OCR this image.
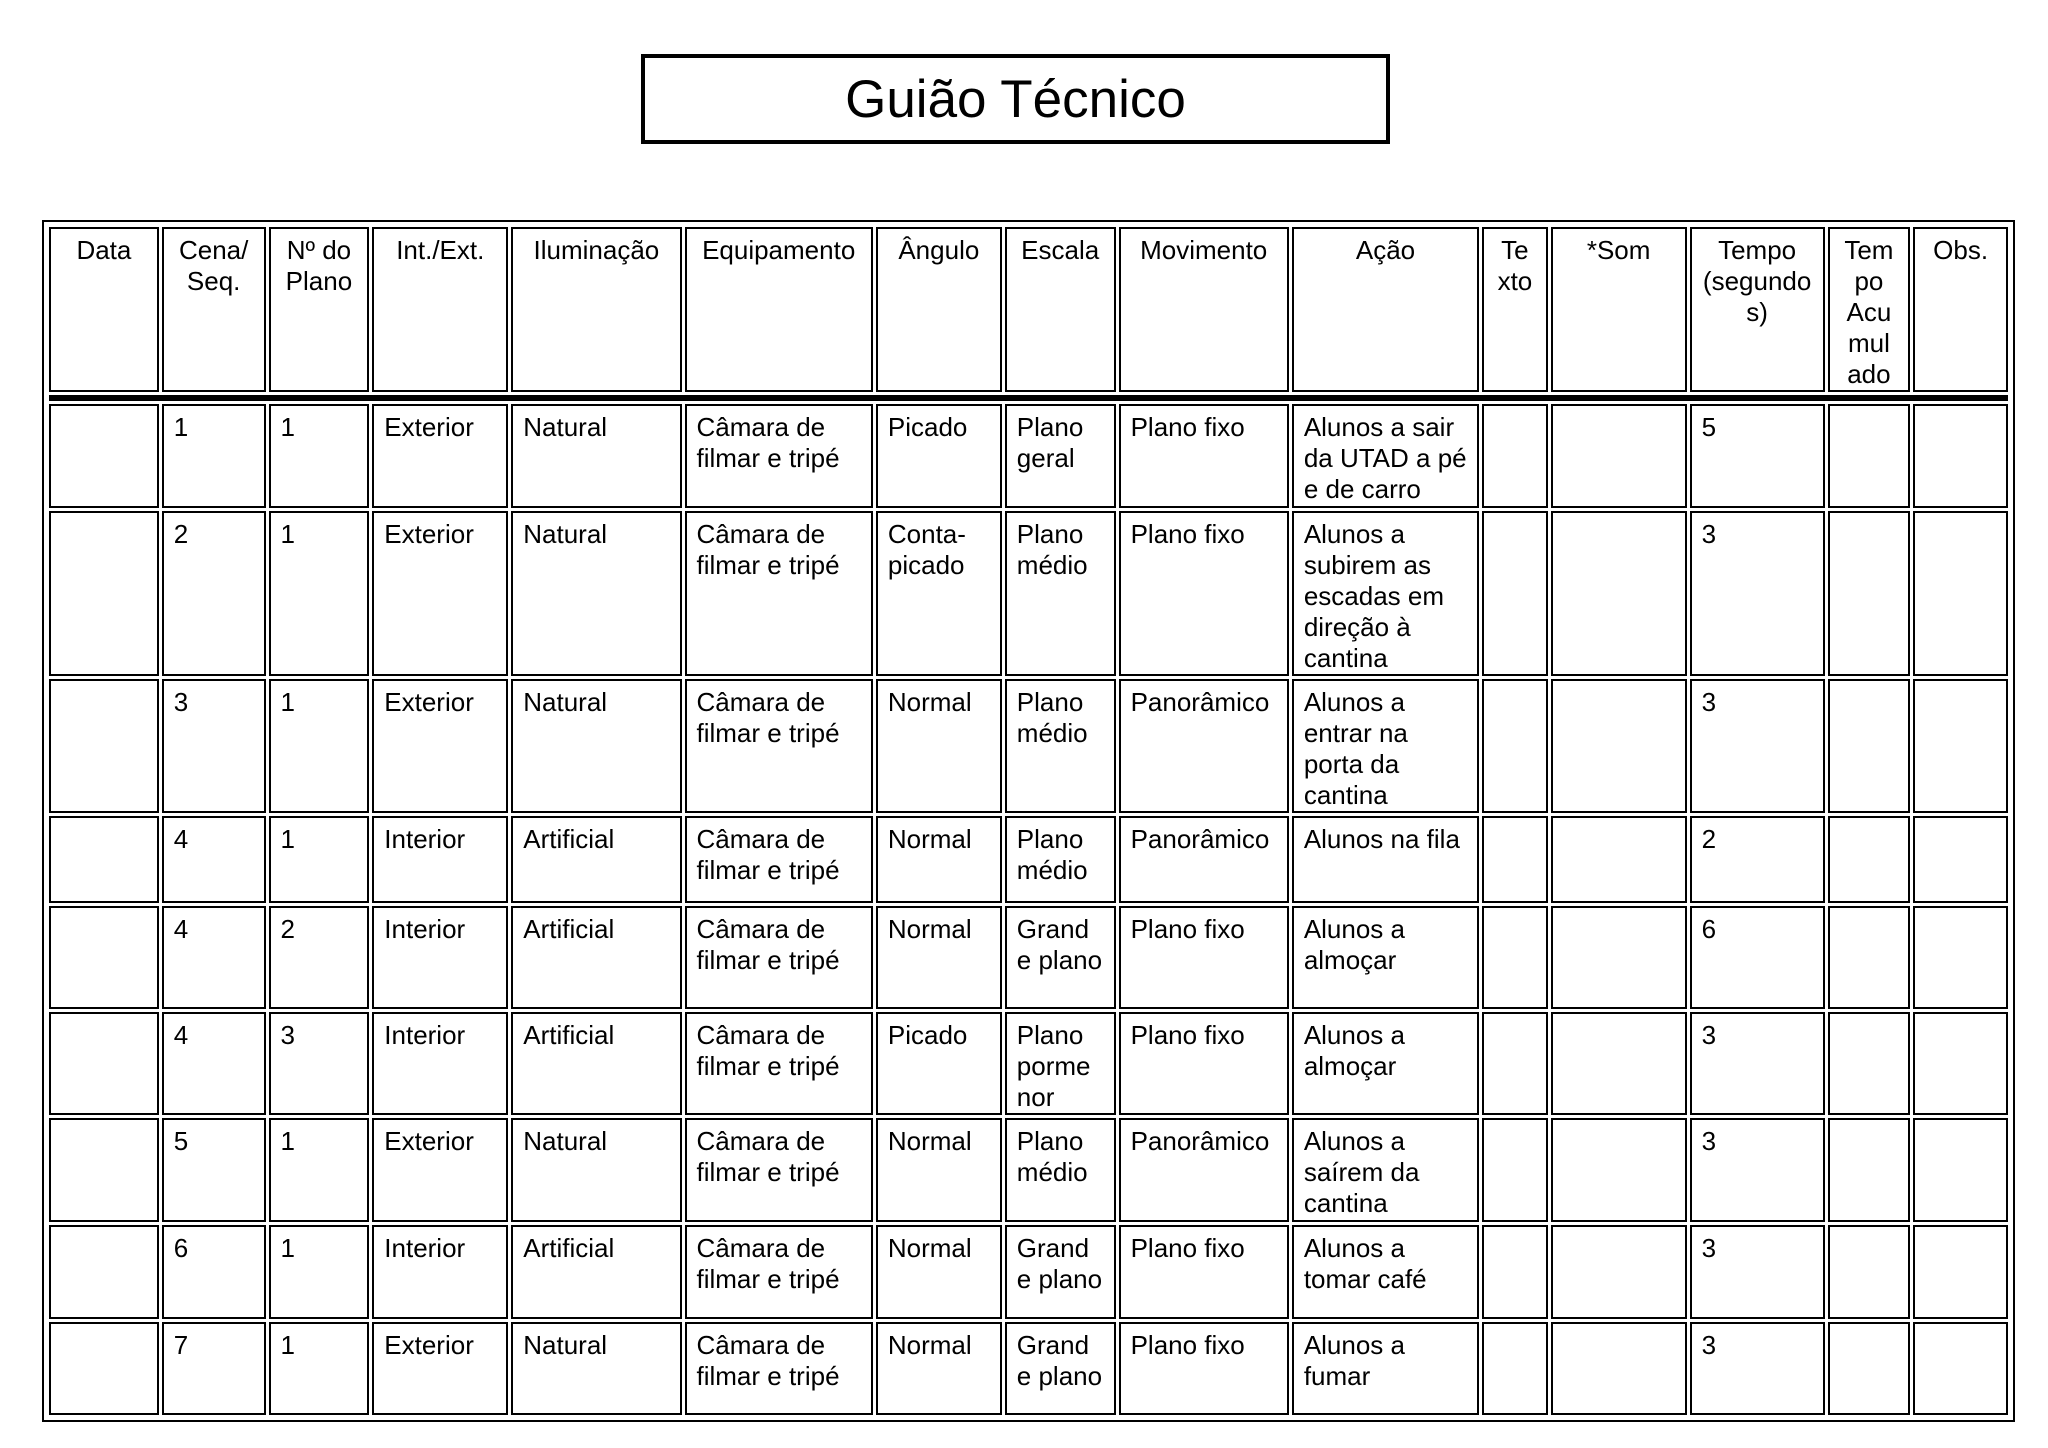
Guião Técnico
Data	Cena/ Seq.	Nº do Plano	Int./Ext.	Iluminação	Equipamento	Ângulo	Escala	Movimento	Ação	Te xto	*Som	Tempo (segundo s)	Tem po Acu mul ado	Obs.

	1	1	Exterior	Natural	Câmara de filmar e tripé	Picado	Plano geral	Plano fixo	Alunos a sair da UTAD a pé e de carro			5		
	2	1	Exterior	Natural	Câmara de filmar e tripé	Conta-picado	Plano médio	Plano fixo	Alunos a subirem as escadas em direção à cantina			3		
	3	1	Exterior	Natural	Câmara de filmar e tripé	Normal	Plano médio	Panorâmico	Alunos a entrar na porta da cantina			3		
	4	1	Interior	Artificial	Câmara de filmar e tripé	Normal	Plano médio	Panorâmico	Alunos na fila			2		
	4	2	Interior	Artificial	Câmara de filmar e tripé	Normal	Grand e plano	Plano fixo	Alunos a almoçar			6		
	4	3	Interior	Artificial	Câmara de filmar e tripé	Picado	Plano porme nor	Plano fixo	Alunos a almoçar			3		
	5	1	Exterior	Natural	Câmara de filmar e tripé	Normal	Plano médio	Panorâmico	Alunos a saírem da cantina			3		
	6	1	Interior	Artificial	Câmara de filmar e tripé	Normal	Grand e plano	Plano fixo	Alunos a tomar café			3		
	7	1	Exterior	Natural	Câmara de filmar e tripé	Normal	Grand e plano	Plano fixo	Alunos a fumar			3		
